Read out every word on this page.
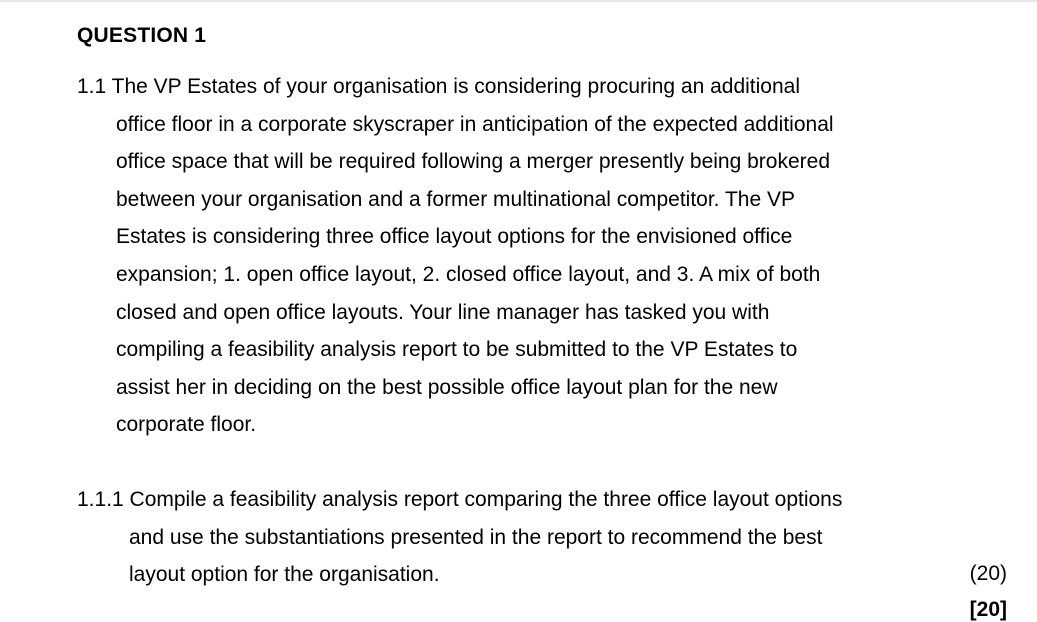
QUESTION 1
1.1 The VP Estates of your organisation is considering procuring an additional
office floor in a corporate skyscraper in anticipation of the expected additional
office space that will be required following a merger presently being brokered
between your organisation and a former multinational competitor. The VP
Estates is considering three office layout options for the envisioned office
expansion; 1. open office layout, 2. closed office layout, and 3. A mix of both
closed and open office layouts. Your line manager has tasked you with
compiling a feasibility analysis report to be submitted to the VP Estates to
assist her in deciding on the best possible office layout plan for the new
corporate floor.
1.1.1 Compile a feasibility analysis report comparing the three office layout options
and use the substantiations presented in the report to recommend the best
layout option for the organisation.	(20)
[20]
